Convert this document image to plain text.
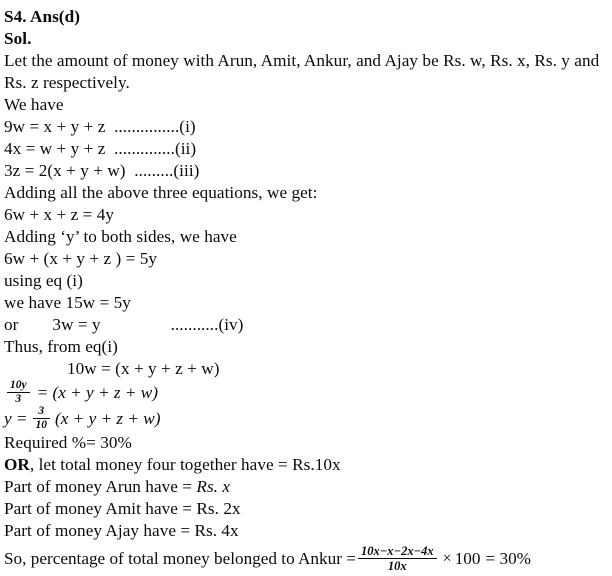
S4. Ans(d)
Sol.
Let the amount of money with Arun, Amit, Ankur, and Ajay be Rs. w, Rs. x, Rs. y and Rs. z respectively.
We have
9w = x + y + z  ...............(i)
4x = w + y + z  ..............(ii)
3z = 2(x + y + w)  .........(iii)
Adding all the above three equations, we get:
6w + x + z = 4y
Adding ‘y’ to both sides, we have
6w + (x + y + z ) = 5y
using eq (i)
we have 15w = 5y
or 3w = y	...........(iv)
Thus, from eq(i)
10w = (x + y + z + w)
$\frac{10y}{3} = (x + y + z + w)$
$y = \frac{3}{10} (x + y + z + w)$
Required %= 30%
OR, let total money four together have = Rs.10x
Part of money Arun have = Rs. x
Part of money Amit have = Rs. 2x
Part of money Ajay have = Rs. 4x
So, percentage of total money belonged to Ankur = $\frac{10x-x-2x-4x}{10x} \times 100 = 30\%$
